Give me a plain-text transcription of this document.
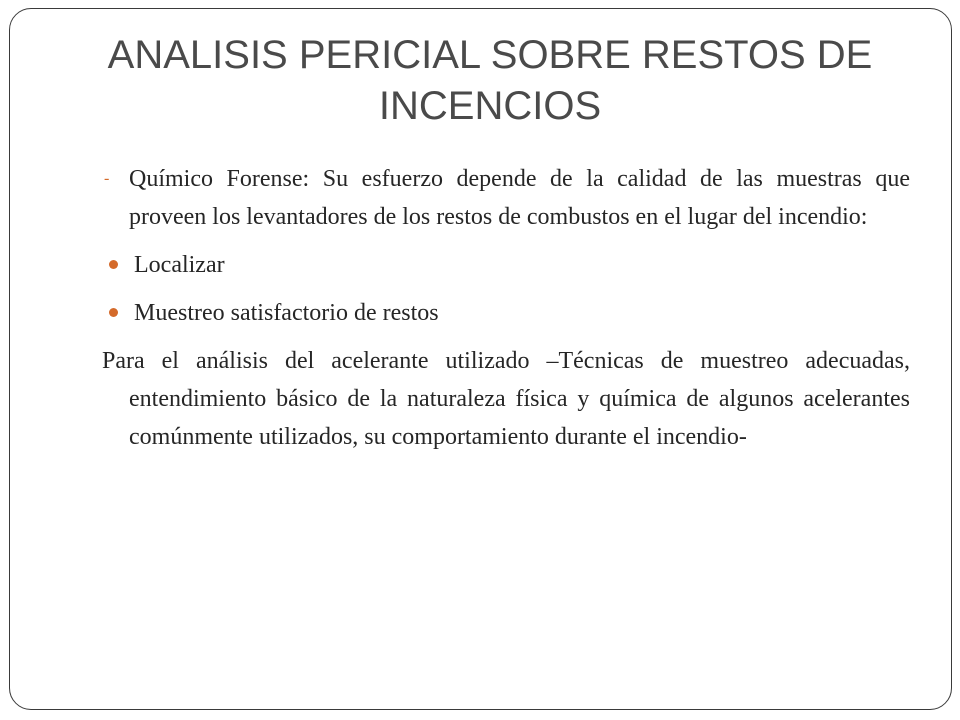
ANALISIS PERICIAL SOBRE RESTOS DE INCENCIOS

- Químico Forense: Su esfuerzo depende de la calidad de las muestras que proveen los levantadores de los restos de combustos en el lugar del incendio:

Localizar
Muestreo satisfactorio de restos

Para el análisis del acelerante utilizado –Técnicas de muestreo adecuadas, entendimiento básico de la naturaleza física y química de algunos acelerantes comúnmente utilizados, su comportamiento durante el incendio-
